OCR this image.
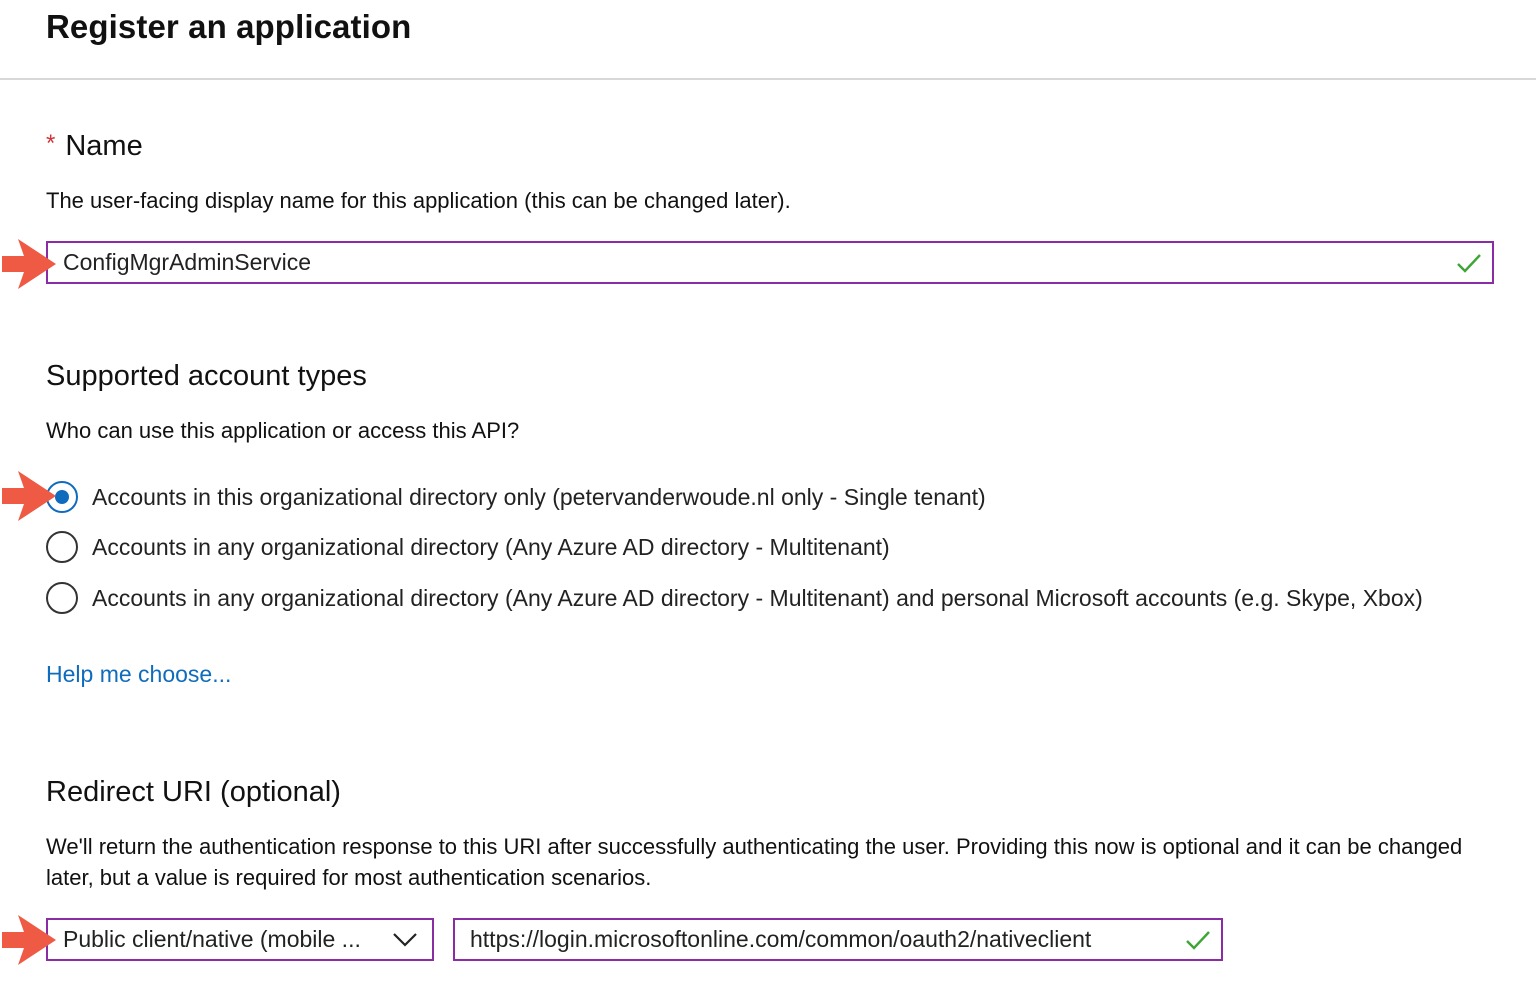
Register an application
* Name
The user-facing display name for this application (this can be changed later).
ConfigMgrAdminService
Supported account types
Who can use this application or access this API?
Accounts in this organizational directory only (petervanderwoude.nl only - Single tenant)
Accounts in any organizational directory (Any Azure AD directory - Multitenant)
Accounts in any organizational directory (Any Azure AD directory - Multitenant) and personal Microsoft accounts (e.g. Skype, Xbox)
Help me choose...
Redirect URI (optional)
We'll return the authentication response to this URI after successfully authenticating the user. Providing this now is optional and it can be changed later, but a value is required for most authentication scenarios.
Public client/native (mobile ...	https://login.microsoftonline.com/common/oauth2/nativeclient
